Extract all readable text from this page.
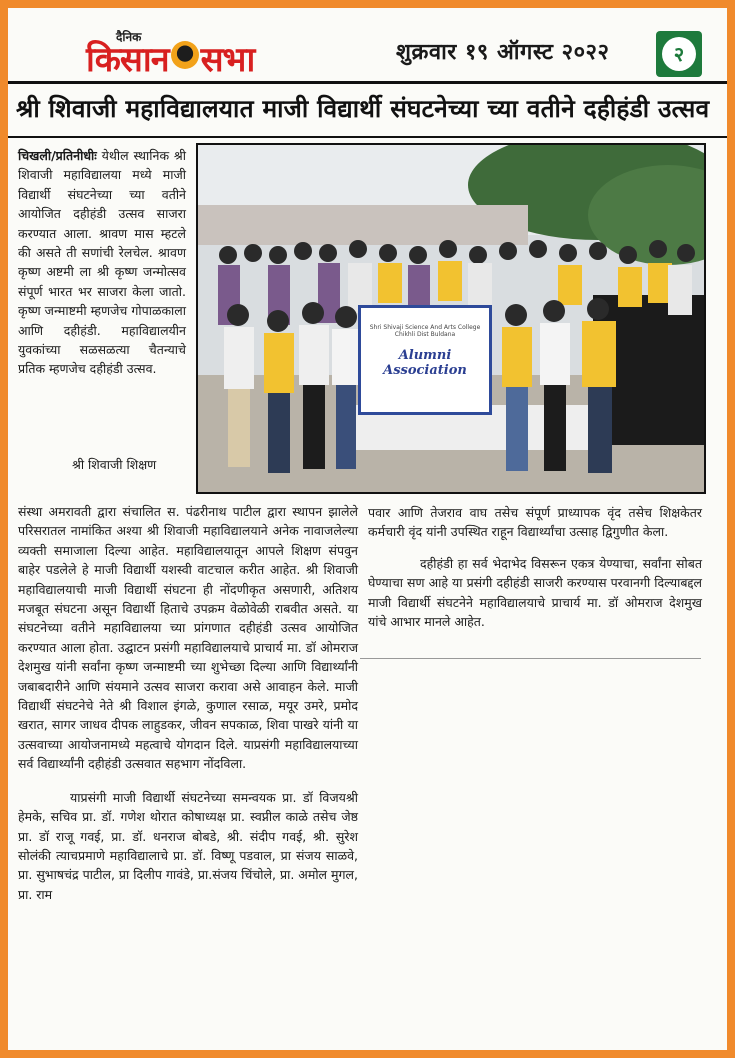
दैनिक
किसान सभा	शुक्रवार १९ ऑगस्ट २०२२	२
श्री शिवाजी महाविद्यालयात माजी विद्यार्थी संघटनेच्या च्या वतीने दहीहंडी उत्सव

चिखली/प्रतिनीधीः येथील स्थानिक श्री शिवाजी महाविद्यालया मध्ये माजी विद्यार्थी संघटनेच्या च्या वतीने आयोजित दहीहंडी उत्सव साजरा करण्यात आला. श्रावण मास म्हटले की असते ती सणांची रेलचेल. श्रावण कृष्ण अष्टमी ला श्री कृष्ण जन्मोत्सव संपूर्ण भारत भर साजरा केला जातो. कृष्ण जन्माष्टमी म्हणजेच गोपाळकाला आणि दहीहंडी. महाविद्यालयीन युवकांच्या सळसळत्या चैतन्याचे प्रतिक म्हणजेच दहीहंडी उत्सव.

श्री शिवाजी शिक्षण
Shri Shivaji Science And Arts College Chikhli Dist Buldana
Alumni Association

संस्था अमरावती द्वारा संचालित स. पंढरीनाथ पाटील द्वारा स्थापन झालेले परिसरातल नामांकित अश्या श्री शिवाजी महाविद्यालयाने अनेक नावाजलेल्या व्यक्ती समाजाला दिल्या आहेत. महाविद्यालयातून आपले शिक्षण संपवुन बाहेर पडलेले हे माजी विद्यार्थी यशस्वी वाटचाल करीत आहेत. श्री शिवाजी महाविद्यालयाची माजी विद्यार्थी संघटना ही नोंदणीकृत असणारी, अतिशय मजबूत संघटना असून विद्यार्थी हिताचे उपक्रम वेळोवेळी राबवीत असते. या संघटनेच्या वतीने महाविद्यालया च्या प्रांगणात दहीहंडी उत्सव आयोजित करण्यात आला होता. उद्घाटन प्रसंगी महाविद्यालयाचे प्राचार्य मा. डॉ ओमराज देशमुख यांनी सर्वांना कृष्ण जन्माष्टमी च्या शुभेच्छा दिल्या आणि विद्यार्थ्यांनी जबाबदारीने आणि संयमाने उत्सव साजरा करावा असे आवाहन केले. माजी विद्यार्थी संघटनेचे नेते श्री विशाल इंगळे, कुणाल रसाळ, मयूर उमरे, प्रमोद खरात, सागर जाधव दीपक लाहुडकर, जीवन सपकाळ, शिवा पाखरे यांनी या उत्सवाच्या आयोजनामध्ये महत्वाचे योगदान दिले. याप्रसंगी महाविद्यालयाच्या सर्व विद्यार्थ्यांनी दहीहंडी उत्सवात सहभाग नोंदविला.

याप्रसंगी माजी विद्यार्थी संघटनेच्या समन्वयक प्रा. डॉ विजयश्री हेमके, सचिव प्रा. डॉ. गणेश थोरात कोषाध्यक्ष प्रा. स्वप्नील काळे तसेच जेष्ठ प्रा. डॉ राजू गवई, प्रा. डॉ. धनराज बोबडे, श्री. संदीप गवई, श्री. सुरेश सोलंकी त्याचप्रमाणे महाविद्यालाचे प्रा. डॉ. विष्णू पडवाल, प्रा संजय साळवे, प्रा. सुभाषचंद्र पाटील, प्रा दिलीप गावंडे, प्रा.संजय चिंचोले, प्रा. अमोल मुगल, प्रा. राम

पवार आणि तेजराव वाघ तसेच संपूर्ण प्राध्यापक वृंद तसेच शिक्षकेतर कर्मचारी वृंद यांनी उपस्थित राहून विद्यार्थ्यांचा उत्साह द्विगुणीत केला.

दहीहंडी हा सर्व भेदाभेद विसरून एकत्र येण्याचा, सर्वांना सोबत घेण्याचा सण आहे या प्रसंगी दहीहंडी साजरी करण्यास परवानगी दिल्याबद्दल माजी विद्यार्थी संघटनेने महाविद्यालयाचे प्राचार्य मा. डॉ ओमराज देशमुख यांचे आभार मानले आहेत.
